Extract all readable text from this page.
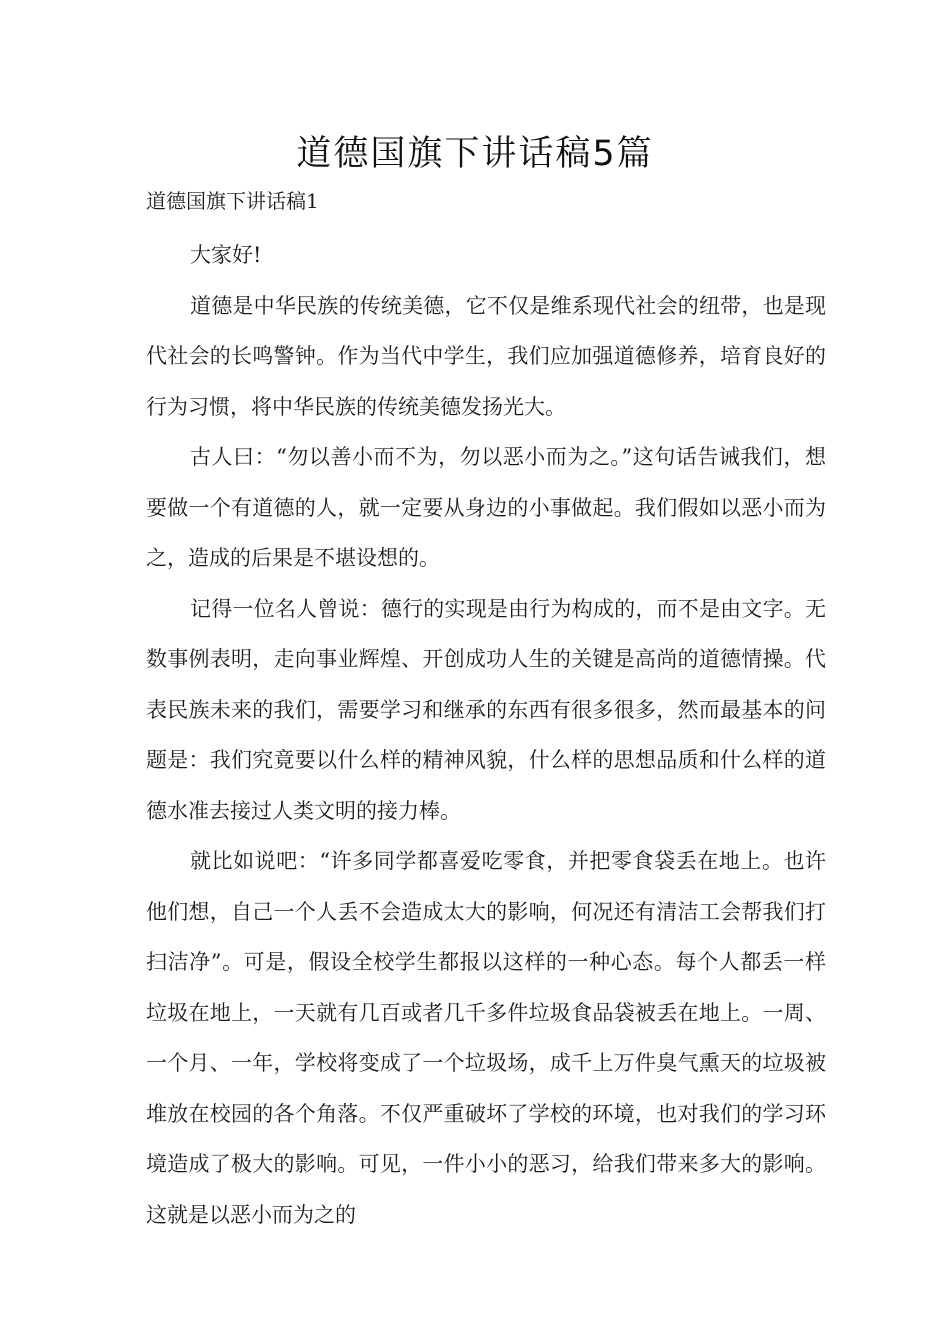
道德国旗下讲话稿5篇
道德国旗下讲话稿1

大家好!

道德是中华民族的传统美德，它不仅是维系现代社会的纽带，也是现代社会的长鸣警钟。作为当代中学生，我们应加强道德修养，培育良好的行为习惯，将中华民族的传统美德发扬光大。

古人曰：“勿以善小而不为，勿以恶小而为之。”这句话告诫我们，想要做一个有道德的人，就一定要从身边的小事做起。我们假如以恶小而为之，造成的后果是不堪设想的。

记得一位名人曾说：德行的实现是由行为构成的，而不是由文字。无数事例表明，走向事业辉煌、开创成功人生的关键是高尚的道德情操。代表民族未来的我们，需要学习和继承的东西有很多很多，然而最基本的问题是：我们究竟要以什么样的精神风貌，什么样的思想品质和什么样的道德水准去接过人类文明的接力棒。

就比如说吧：“许多同学都喜爱吃零食，并把零食袋丢在地上。也许他们想，自己一个人丢不会造成太大的影响，何况还有清洁工会帮我们打扫洁净”。可是，假设全校学生都报以这样的一种心态。每个人都丢一样垃圾在地上，一天就有几百或者几千多件垃圾食品袋被丢在地上。一周、一个月、一年，学校将变成了一个垃圾场，成千上万件臭气熏天的垃圾被堆放在校园的各个角落。不仅严重破坏了学校的环境，也对我们的学习环境造成了极大的影响。可见，一件小小的恶习，给我们带来多大的影响。这就是以恶小而为之的
